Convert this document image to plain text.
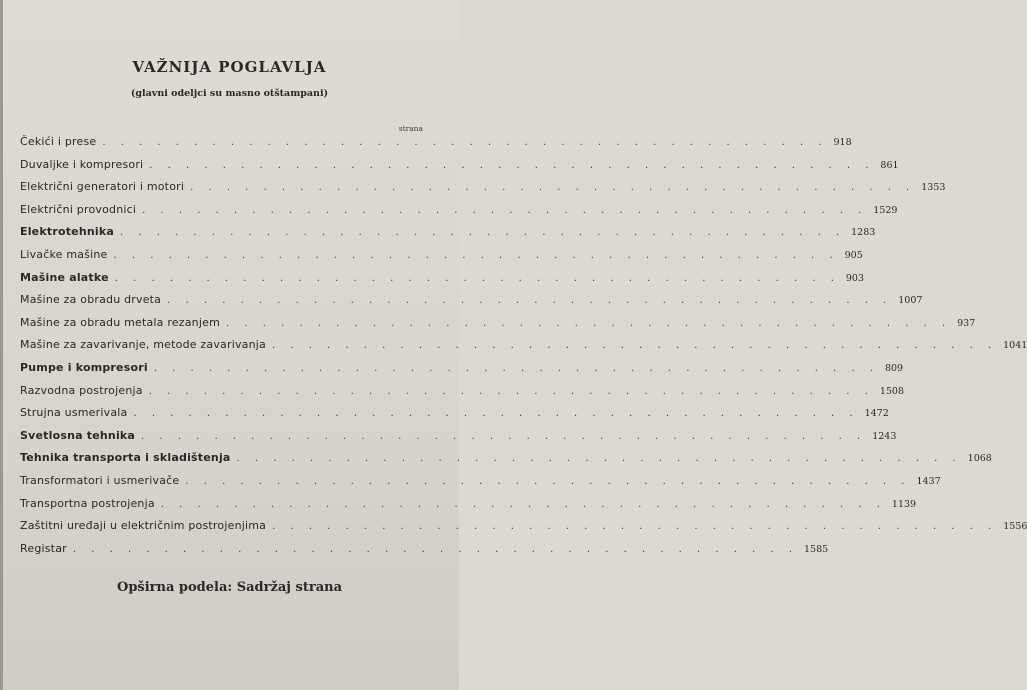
VAŽNIJA POGLAVLJA
(glavni odeljci su masno otštampani)
strana
Čekići i prese . . . . . . . . . . . . . . . . . . . . . . . . . . . . . . . . . . . . . . . . 918
Duvaljke i kompresori . . . . . . . . . . . . . . . . . . . . . . . . . . . . . . . . . . . . . . . . 861
Električni generatori i motori . . . . . . . . . . . . . . . . . . . . . . . . . . . . . . . . . . . . . . . . 1353
Električni provodnici . . . . . . . . . . . . . . . . . . . . . . . . . . . . . . . . . . . . . . . . 1529
Elektrotehnika . . . . . . . . . . . . . . . . . . . . . . . . . . . . . . . . . . . . . . . . 1283
Livačke mašine . . . . . . . . . . . . . . . . . . . . . . . . . . . . . . . . . . . . . . . . 905
Mašine alatke . . . . . . . . . . . . . . . . . . . . . . . . . . . . . . . . . . . . . . . . 903
Mašine za obradu drveta . . . . . . . . . . . . . . . . . . . . . . . . . . . . . . . . . . . . . . . . 1007
Mašine za obradu metala rezanjem . . . . . . . . . . . . . . . . . . . . . . . . . . . . . . . . . . . . . . . . 937
Mašine za zavarivanje, metode zavarivanja . . . . . . . . . . . . . . . . . . . . . . . . . . . . . . . . . . . . . . . . 1041
Pumpe i kompresori . . . . . . . . . . . . . . . . . . . . . . . . . . . . . . . . . . . . . . . . 809
Razvodna postrojenja . . . . . . . . . . . . . . . . . . . . . . . . . . . . . . . . . . . . . . . . 1508
Strujna usmerivala . . . . . . . . . . . . . . . . . . . . . . . . . . . . . . . . . . . . . . . . 1472
Svetlosna tehnika . . . . . . . . . . . . . . . . . . . . . . . . . . . . . . . . . . . . . . . . 1243
Tehnika transporta i skladištenja . . . . . . . . . . . . . . . . . . . . . . . . . . . . . . . . . . . . . . . . 1068
Transformatori i usmerivače . . . . . . . . . . . . . . . . . . . . . . . . . . . . . . . . . . . . . . . . 1437
Transportna postrojenja . . . . . . . . . . . . . . . . . . . . . . . . . . . . . . . . . . . . . . . . 1139
Zaštitni uređaji u električnim postrojenjima . . . . . . . . . . . . . . . . . . . . . . . . . . . . . . . . . . . . . . . . 1556
Registar . . . . . . . . . . . . . . . . . . . . . . . . . . . . . . . . . . . . . . . . 1585
Opširna podela: Sadržaj strana
